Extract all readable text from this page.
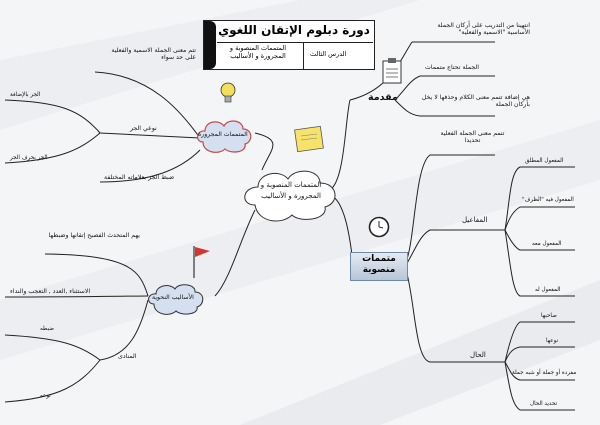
دورة دبلوم الإتقان اللغوي
الدرس الثالث
المتممات المنصوبة و المجرورة و الأساليب
المتممات المنصوبة و المجرورة و الأساليب
المتممات المجرورة
تتم معنى الجملة الاسمية والفعلية على حد سواء
نوعي الجر
الجر بالإضافة
الجر بحرف الجر
ضبط الجر بعلاماته المختلفة
الأساليب النحوية
يهم المتحدث الفصيح إتقانها وضبطها
الاستثناء ,العدد , التعجب والنداء
المنادى
ضبطه
نوعه
مقدمة
انتهينا من التدريب على أركان الجملة الأساسية "الاسمية والفعلية"
الجملة تحتاج متممات
هي إضافة تتمم معنى الكلام وحذفها لا يخل بأركان الجملة
متممات منصوبة
تتمم معنى الجملة الفعلية تحديدا
المفاعيل
المفعول المطلق
المفعول فيه "الظرف"
المفعول معه
المفعول له
الحال
صاحبها
نوعها
مفردة أو جملة أو شبه جملة
تحديد الحال
